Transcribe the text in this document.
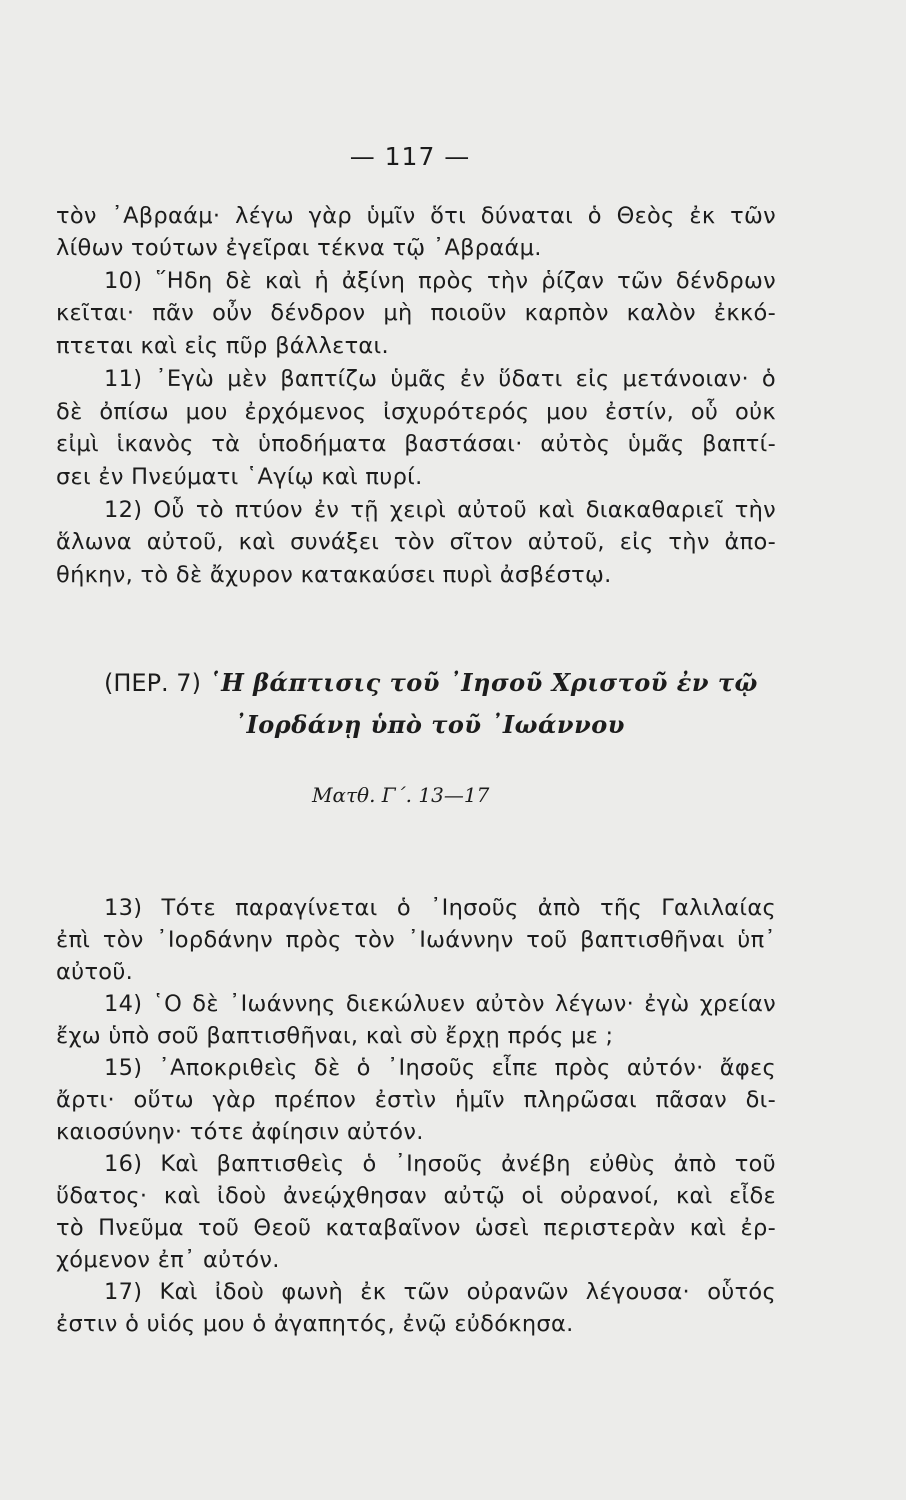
— 117 —
τὸν ᾿Αβραάμ· λέγω γὰρ ὑμῖν ὅτι δύναται ὁ Θεὸς ἐκ τῶν
λίθων τούτων ἐγεῖραι τέκνα τῷ ᾿Αβραάμ.
10) ῞Ηδη δὲ καὶ ἡ ἀξίνη πρὸς τὴν ῥίζαν τῶν δένδρων
κεῖται· πᾶν οὖν δένδρον μὴ ποιοῦν καρπὸν καλὸν ἐκκό-
πτεται καὶ εἰς πῦρ βάλλεται.
11) ᾿Εγὼ μὲν βαπτίζω ὑμᾶς ἐν ὕδατι εἰς μετάνοιαν· ὁ
δὲ ὀπίσω μου ἐρχόμενος ἰσχυρότερός μου ἐστίν, οὗ οὐκ
εἰμὶ ἱκανὸς τὰ ὑποδήματα βαστάσαι· αὐτὸς ὑμᾶς βαπτί-
σει ἐν Πνεύματι ῾Αγίῳ καὶ πυρί.
12) Οὗ τὸ πτύον ἐν τῇ χειρὶ αὐτοῦ καὶ διακαθαριεῖ τὴν
ἅλωνα αὐτοῦ, καὶ συνάξει τὸν σῖτον αὐτοῦ, εἰς τὴν ἀπο-
θήκην, τὸ δὲ ἄχυρον κατακαύσει πυρὶ ἀσβέστῳ.
(ΠΕΡ. 7) ῾Η βάπτισις τοῦ ᾿Ιησοῦ Χριστοῦ ἐν τῷ
᾿Ιορδάνῃ ὑπὸ τοῦ ᾿Ιωάννου
Ματθ. Γ΄. 13—17
13) Τότε παραγίνεται ὁ ᾿Ιησοῦς ἀπὸ τῆς Γαλιλαίας
ἐπὶ τὸν ᾿Ιορδάνην πρὸς τὸν ᾿Ιωάννην τοῦ βαπτισθῆναι ὑπ᾿
αὐτοῦ.
14) ῾Ο δὲ ᾿Ιωάννης διεκώλυεν αὐτὸν λέγων· ἐγὼ χρείαν
ἔχω ὑπὸ σοῦ βαπτισθῆναι, καὶ σὺ ἔρχῃ πρός με ;
15) ᾿Αποκριθεὶς δὲ ὁ ᾿Ιησοῦς εἶπε πρὸς αὐτόν· ἄφες
ἄρτι· οὕτω γὰρ πρέπον ἐστὶν ἡμῖν πληρῶσαι πᾶσαν δι-
καιοσύνην· τότε ἀφίησιν αὐτόν.
16) Καὶ βαπτισθεὶς ὁ ᾿Ιησοῦς ἀνέβη εὐθὺς ἀπὸ τοῦ
ὕδατος· καὶ ἰδοὺ ἀνεῴχθησαν αὐτῷ οἱ οὐρανοί, καὶ εἶδε
τὸ Πνεῦμα τοῦ Θεοῦ καταβαῖνον ὡσεὶ περιστερὰν καὶ ἐρ-
χόμενον ἐπ᾿ αὐτόν.
17) Καὶ ἰδοὺ φωνὴ ἐκ τῶν οὐρανῶν λέγουσα· οὗτός
ἐστιν ὁ υἱός μου ὁ ἀγαπητός, ἐνῷ εὐδόκησα.
